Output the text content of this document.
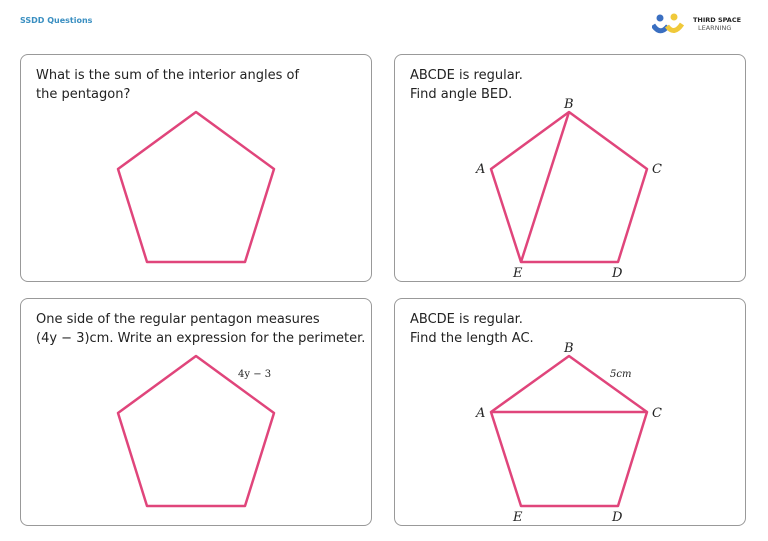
SSDD Questions	THIRD SPACE
LEARNING
What is the sum of the interior angles of the pentagon?
ABCDE is regular.
Find angle BED.
One side of the regular pentagon measures
(4y − 3)cm. Write an expression for the perimeter.
ABCDE is regular.
Find the length AC.
B
C
D
E
A
4y − 3	5cm
B
C
D
E
A
